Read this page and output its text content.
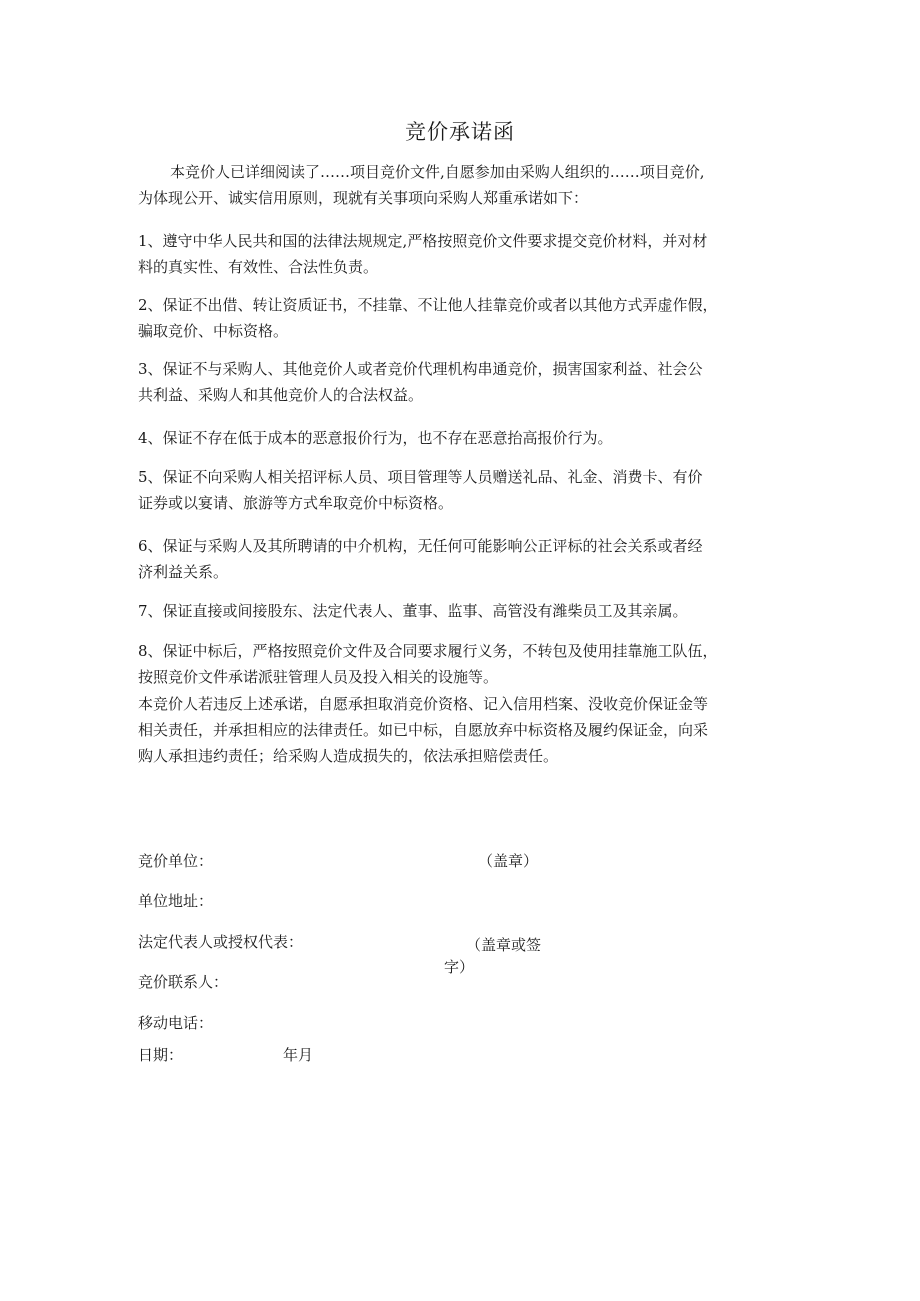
竞价承诺函
本竞价人已详细阅读了……项目竞价文件,自愿参加由采购人组织的……项目竞价,
为体现公开、诚实信用原则，现就有关事项向采购人郑重承诺如下：
1、遵守中华人民共和国的法律法规规定,严格按照竞价文件要求提交竞价材料，并对材
料的真实性、有效性、合法性负责。
2、保证不出借、转让资质证书，不挂靠、不让他人挂靠竞价或者以其他方式弄虚作假，
骗取竞价、中标资格。
3、保证不与采购人、其他竞价人或者竞价代理机构串通竞价，损害国家利益、社会公
共利益、采购人和其他竞价人的合法权益。
4、保证不存在低于成本的恶意报价行为，也不存在恶意抬高报价行为。
5、保证不向采购人相关招评标人员、项目管理等人员赠送礼品、礼金、消费卡、有价
证券或以宴请、旅游等方式牟取竞价中标资格。
6、保证与采购人及其所聘请的中介机构，无任何可能影响公正评标的社会关系或者经
济利益关系。
7、保证直接或间接股东、法定代表人、董事、监事、高管没有潍柴员工及其亲属。
8、保证中标后，严格按照竞价文件及合同要求履行义务，不转包及使用挂靠施工队伍，
按照竞价文件承诺派驻管理人员及投入相关的设施等。
本竞价人若违反上述承诺，自愿承担取消竞价资格、记入信用档案、没收竞价保证金等
相关责任，并承担相应的法律责任。如已中标，自愿放弃中标资格及履约保证金，向采
购人承担违约责任；给采购人造成损失的，依法承担赔偿责任。
竞价单位：	（盖章）
单位地址：
法定代表人或授权代表：	（盖章或签
字）
竞价联系人：
移动电话：
日期：	年月
